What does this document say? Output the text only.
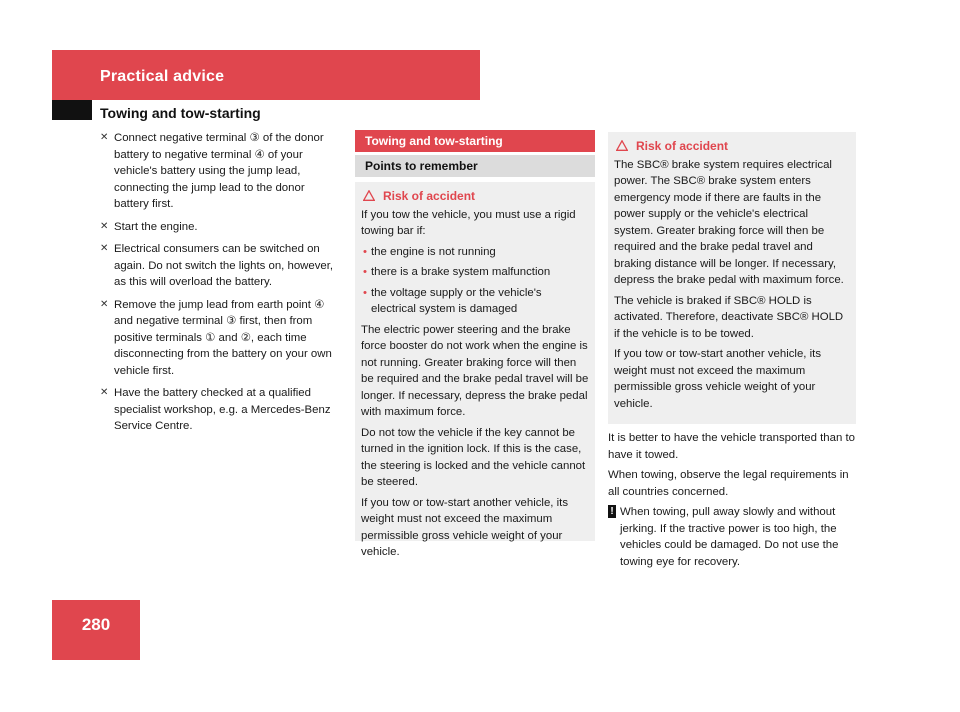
Practical advice
Towing and tow-starting
✕ Connect negative terminal ③ of the donor battery to negative terminal ④ of your vehicle's battery using the jump lead, connecting the jump lead to the donor battery first.
✕ Start the engine.
✕ Electrical consumers can be switched on again. Do not switch the lights on, however, as this will overload the battery.
✕ Remove the jump lead from earth point ④ and negative terminal ③ first, then from positive terminals ① and ②, each time disconnecting from the battery on your own vehicle first.
✕ Have the battery checked at a qualified specialist workshop, e.g. a Mercedes-Benz Service Centre.
Towing and tow-starting
Points to remember
Risk of accident

If you tow the vehicle, you must use a rigid towing bar if:

• the engine is not running
• there is a brake system malfunction
• the voltage supply or the vehicle's electrical system is damaged

The electric power steering and the brake force booster do not work when the engine is not running. Greater braking force will then be required and the brake pedal travel will be longer. If necessary, depress the brake pedal with maximum force.

Do not tow the vehicle if the key cannot be turned in the ignition lock. If this is the case, the steering is locked and the vehicle cannot be steered.

If you tow or tow-start another vehicle, its weight must not exceed the maximum permissible gross vehicle weight of your vehicle.

Risk of accident

The SBC® brake system requires electrical power. The SBC® brake system enters emergency mode if there are faults in the power supply or the vehicle's electrical system. Greater braking force will then be required and the brake pedal travel and braking distance will be longer. If necessary, depress the brake pedal with maximum force.

The vehicle is braked if SBC® HOLD is activated. Therefore, deactivate SBC® HOLD if the vehicle is to be towed.

If you tow or tow-start another vehicle, its weight must not exceed the maximum permissible gross vehicle weight of your vehicle.

It is better to have the vehicle transported than to have it towed.

When towing, observe the legal requirements in all countries concerned.

! When towing, pull away slowly and without jerking. If the tractive power is too high, the vehicles could be damaged. Do not use the towing eye for recovery.
280
